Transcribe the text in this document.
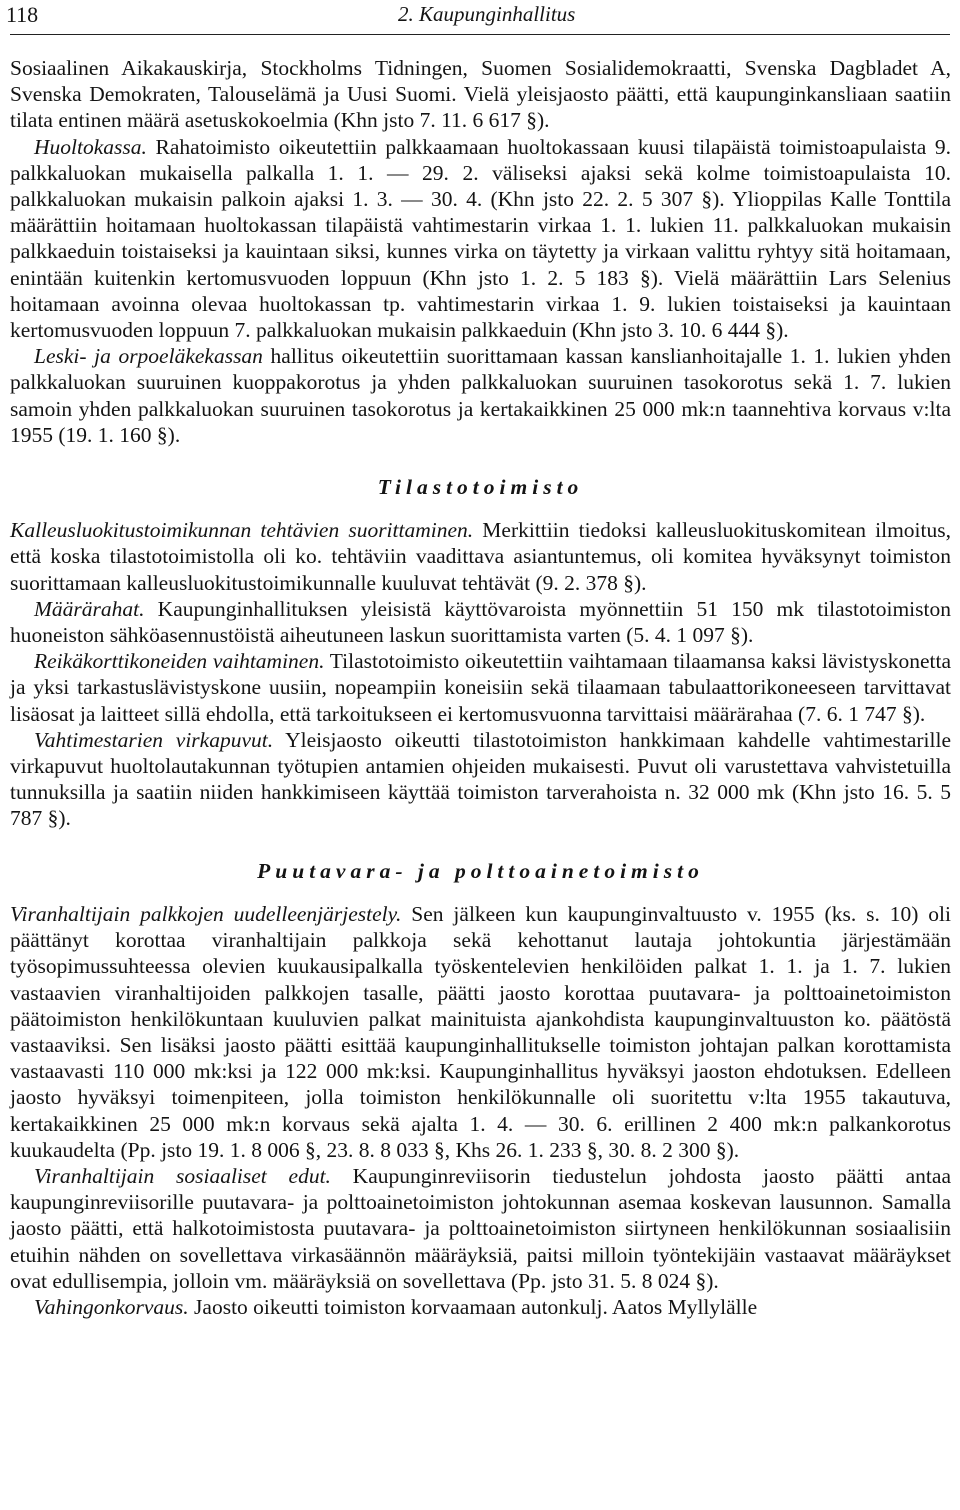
118	2. Kaupunginhallitus

Sosiaalinen Aikakauskirja, Stockholms Tidningen, Suomen Sosialidemokraatti, Svenska Dagbladet A, Svenska Demokraten, Talouselämä ja Uusi Suomi. Vielä yleisjaosto päätti, että kaupunginkansliaan saatiin tilata entinen määrä asetuskokoelmia (Khn jsto 7. 11. 6 617 §).

Huoltokassa. Rahatoimisto oikeutettiin palkkaamaan huoltokassaan kuusi tilapäistä toimistoapulaista 9. palkkaluokan mukaisella palkalla 1. 1. — 29. 2. väliseksi ajaksi sekä kolme toimistoapulaista 10. palkkaluokan mukaisin palkoin ajaksi 1. 3. — 30. 4. (Khn jsto 22. 2. 5 307 §). Ylioppilas Kalle Tonttila määrättiin hoitamaan huoltokassan tilapäistä vahtimestarin virkaa 1. 1. lukien 11. palkkaluokan mukaisin palkkaeduin toistaiseksi ja kauintaan siksi, kunnes virka on täytetty ja virkaan valittu ryhtyy sitä hoitamaan, enintään kuitenkin kertomusvuoden loppuun (Khn jsto 1. 2. 5 183 §). Vielä määrättiin Lars Selenius hoitamaan avoinna olevaa huoltokassan tp. vahtimestarin virkaa 1. 9. lukien toistaiseksi ja kauintaan kertomusvuoden loppuun 7. palkkaluokan mukaisin palkkaeduin (Khn jsto 3. 10. 6 444 §).

Leski- ja orpoeläkekassan hallitus oikeutettiin suorittamaan kassan kanslianhoitajalle 1. 1. lukien yhden palkkaluokan suuruinen kuoppakorotus ja yhden palkkaluokan suuruinen tasokorotus sekä 1. 7. lukien samoin yhden palkkaluokan suuruinen tasokorotus ja kertakaikkinen 25 000 mk:n taannehtiva korvaus v:lta 1955 (19. 1. 160 §).

Tilastotoimisto

Kalleusluokitustoimikunnan tehtävien suorittaminen. Merkittiin tiedoksi kalleusluokituskomitean ilmoitus, että koska tilastotoimistolla oli ko. tehtäviin vaadittava asiantuntemus, oli komitea hyväksynyt toimiston suorittamaan kalleusluokitustoimikunnalle kuuluvat tehtävät (9. 2. 378 §).

Määrärahat. Kaupunginhallituksen yleisistä käyttövaroista myönnettiin 51 150 mk tilastotoimiston huoneiston sähköasennustöistä aiheutuneen laskun suorittamista varten (5. 4. 1 097 §).

Reikäkorttikoneiden vaihtaminen. Tilastotoimisto oikeutettiin vaihtamaan tilaamansa kaksi lävistyskonetta ja yksi tarkastuslävistyskone uusiin, nopeampiin koneisiin sekä tilaamaan tabulaattorikoneeseen tarvittavat lisäosat ja laitteet sillä ehdolla, että tarkoitukseen ei kertomusvuonna tarvittaisi määrärahaa (7. 6. 1 747 §).

Vahtimestarien virkapuvut. Yleisjaosto oikeutti tilastotoimiston hankkimaan kahdelle vahtimestarille virkapuvut huoltolautakunnan työtupien antamien ohjeiden mukaisesti. Puvut oli varustettava vahvistetuilla tunnuksilla ja saatiin niiden hankkimiseen käyttää toimiston tarverahoista n. 32 000 mk (Khn jsto 16. 5. 5 787 §).

Puutavara- ja polttoainetoimisto

Viranhaltijain palkkojen uudelleenjärjestely. Sen jälkeen kun kaupunginvaltuusto v. 1955 (ks. s. 10) oli päättänyt korottaa viranhaltijain palkkoja sekä kehottanut lautaja johtokuntia järjestämään työsopimussuhteessa olevien kuukausipalkalla työskentelevien henkilöiden palkat 1. 1. ja 1. 7. lukien vastaavien viranhaltijoiden palkkojen tasalle, päätti jaosto korottaa puutavara- ja polttoainetoimiston päätoimiston henkilökuntaan kuuluvien palkat mainituista ajankohdista kaupunginvaltuuston ko. päätöstä vastaaviksi. Sen lisäksi jaosto päätti esittää kaupunginhallitukselle toimiston johtajan palkan korottamista vastaavasti 110 000 mk:ksi ja 122 000 mk:ksi. Kaupunginhallitus hyväksyi jaoston ehdotuksen. Edelleen jaosto hyväksyi toimenpiteen, jolla toimiston henkilökunnalle oli suoritettu v:lta 1955 takautuva, kertakaikkinen 25 000 mk:n korvaus sekä ajalta 1. 4. — 30. 6. erillinen 2 400 mk:n palkankorotus kuukaudelta (Pp. jsto 19. 1. 8 006 §, 23. 8. 8 033 §, Khs 26. 1. 233 §, 30. 8. 2 300 §).

Viranhaltijain sosiaaliset edut. Kaupunginreviisorin tiedustelun johdosta jaosto päätti antaa kaupunginreviisorille puutavara- ja polttoainetoimiston johtokunnan asemaa koskevan lausunnon. Samalla jaosto päätti, että halkotoimistosta puutavara- ja polttoainetoimiston siirtyneen henkilökunnan sosiaalisiin etuihin nähden on sovellettava virkasäännön määräyksiä, paitsi milloin työntekijäin vastaavat määräykset ovat edullisempia, jolloin vm. määräyksiä on sovellettava (Pp. jsto 31. 5. 8 024 §).

Vahingonkorvaus. Jaosto oikeutti toimiston korvaamaan autonkulj. Aatos Myllylälle
